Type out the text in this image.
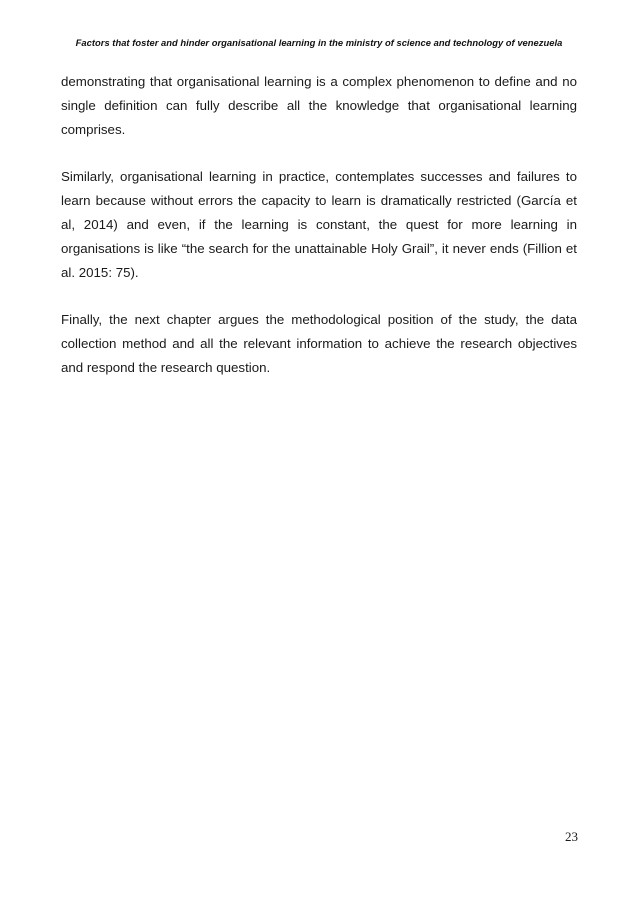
Factors that foster and hinder organisational learning in the ministry of science and technology of venezuela

demonstrating that organisational learning is a complex phenomenon to define and no single definition can fully describe all the knowledge that organisational learning comprises.

Similarly, organisational learning in practice, contemplates successes and failures to learn because without errors the capacity to learn is dramatically restricted (García et al, 2014) and even, if the learning is constant, the quest for more learning in organisations is like “the search for the unattainable Holy Grail”, it never ends (Fillion et al. 2015: 75).

Finally, the next chapter argues the methodological position of the study, the data collection method and all the relevant information to achieve the research objectives and respond the research question.

23
